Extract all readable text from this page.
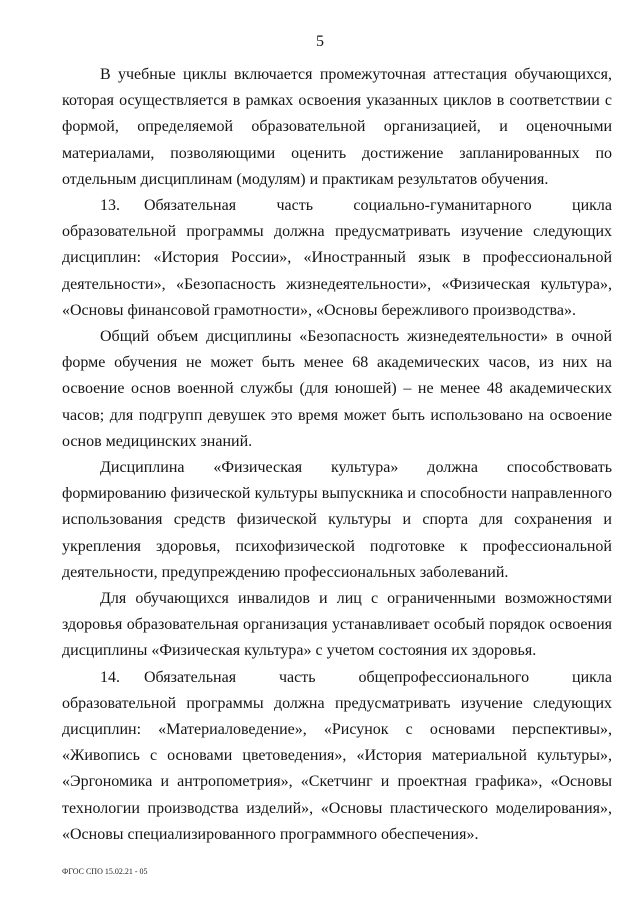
5

В учебные циклы включается промежуточная аттестация обучающихся, которая осуществляется в рамках освоения указанных циклов в соответствии с формой, определяемой образовательной организацией, и оценочными материалами, позволяющими оценить достижение запланированных по отдельным дисциплинам (модулям) и практикам результатов обучения.

13. Обязательная часть социально-гуманитарного цикла образовательной программы должна предусматривать изучение следующих дисциплин: «История России», «Иностранный язык в профессиональной деятельности», «Безопасность жизнедеятельности», «Физическая культура», «Основы финансовой грамотности», «Основы бережливого производства».

Общий объем дисциплины «Безопасность жизнедеятельности» в очной форме обучения не может быть менее 68 академических часов, из них на освоение основ военной службы (для юношей) – не менее 48 академических часов; для подгрупп девушек это время может быть использовано на освоение основ медицинских знаний.

Дисциплина «Физическая культура» должна способствовать формированию физической культуры выпускника и способности направленного использования средств физической культуры и спорта для сохранения и укрепления здоровья, психофизической подготовке к профессиональной деятельности, предупреждению профессиональных заболеваний.

Для обучающихся инвалидов и лиц с ограниченными возможностями здоровья образовательная организация устанавливает особый порядок освоения дисциплины «Физическая культура» с учетом состояния их здоровья.

14. Обязательная часть общепрофессионального цикла образовательной программы должна предусматривать изучение следующих дисциплин: «Материаловедение», «Рисунок с основами перспективы», «Живопись с основами цветоведения», «История материальной культуры», «Эргономика и антропометрия», «Скетчинг и проектная графика», «Основы технологии производства изделий», «Основы пластического моделирования», «Основы специализированного программного обеспечения».

ФГОС СПО 15.02.21 - 05
